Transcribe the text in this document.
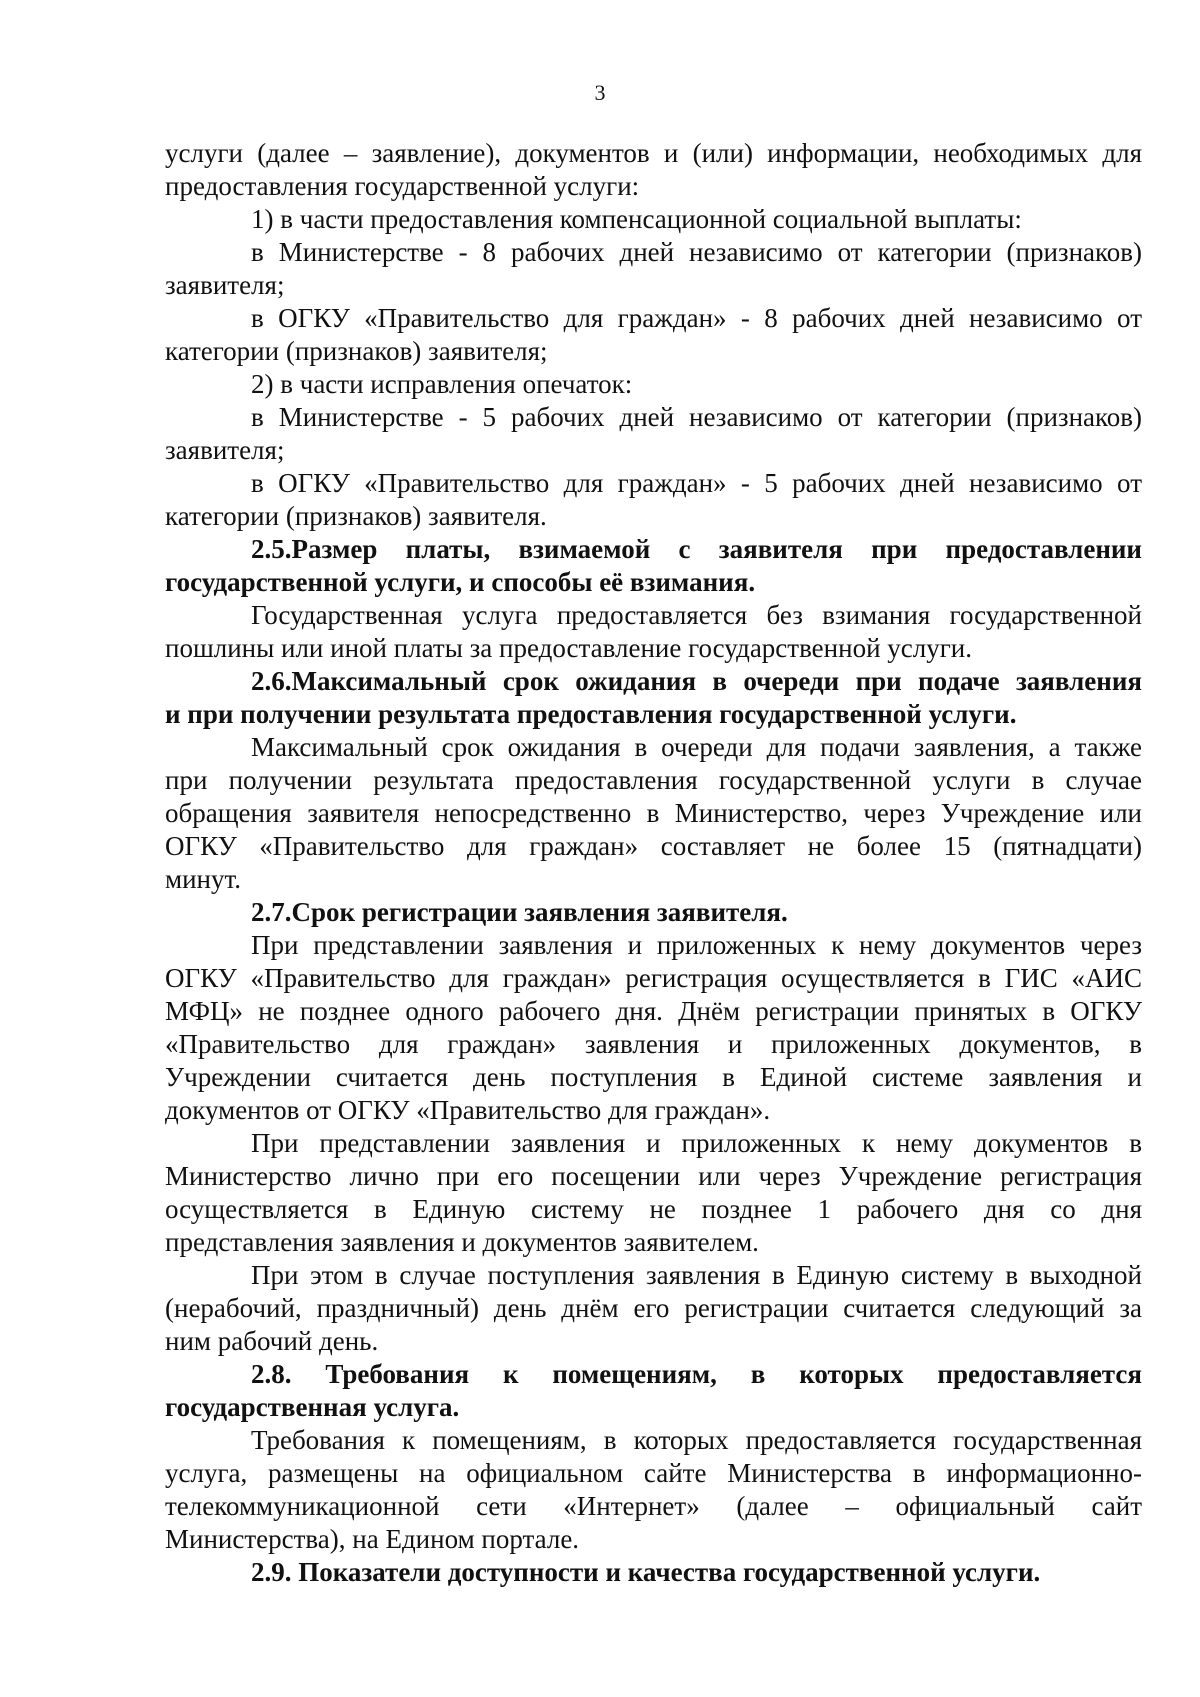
3
услуги (далее – заявление), документов и (или) информации, необходимых для
предоставления государственной услуги:
1) в части предоставления компенсационной социальной выплаты:
в Министерстве - 8 рабочих дней независимо от категории (признаков)
заявителя;
в ОГКУ «Правительство для граждан» - 8 рабочих дней независимо от
категории (признаков) заявителя;
2) в части исправления опечаток:
в Министерстве - 5 рабочих дней независимо от категории (признаков)
заявителя;
в ОГКУ «Правительство для граждан» - 5 рабочих дней независимо от
категории (признаков) заявителя.
2.5.Размер платы, взимаемой с заявителя при предоставлении
государственной услуги, и способы её взимания.
Государственная услуга предоставляется без взимания государственной
пошлины или иной платы за предоставление государственной услуги.
2.6.Максимальный срок ожидания в очереди при подаче заявления
и при получении результата предоставления государственной услуги.
Максимальный срок ожидания в очереди для подачи заявления, а также
при получении результата предоставления государственной услуги в случае
обращения заявителя непосредственно в Министерство, через Учреждение или
ОГКУ «Правительство для граждан» составляет не более 15 (пятнадцати)
минут.
2.7.Срок регистрации заявления заявителя.
При представлении заявления и приложенных к нему документов через
ОГКУ «Правительство для граждан» регистрация осуществляется в ГИС «АИС
МФЦ» не позднее одного рабочего дня. Днём регистрации принятых в ОГКУ
«Правительство для граждан» заявления и приложенных документов, в
Учреждении считается день поступления в Единой системе заявления и
документов от ОГКУ «Правительство для граждан».
При представлении заявления и приложенных к нему документов в
Министерство лично при его посещении или через Учреждение регистрация
осуществляется в Единую систему не позднее 1 рабочего дня со дня
представления заявления и документов заявителем.
При этом в случае поступления заявления в Единую систему в выходной
(нерабочий, праздничный) день днём его регистрации считается следующий за
ним рабочий день.
2.8. Требования к помещениям, в которых предоставляется
государственная услуга.
Требования к помещениям, в которых предоставляется государственная
услуга, размещены на официальном сайте Министерства в информационно-
телекоммуникационной сети «Интернет» (далее – официальный сайт
Министерства), на Едином портале.
2.9. Показатели доступности и качества государственной услуги.
